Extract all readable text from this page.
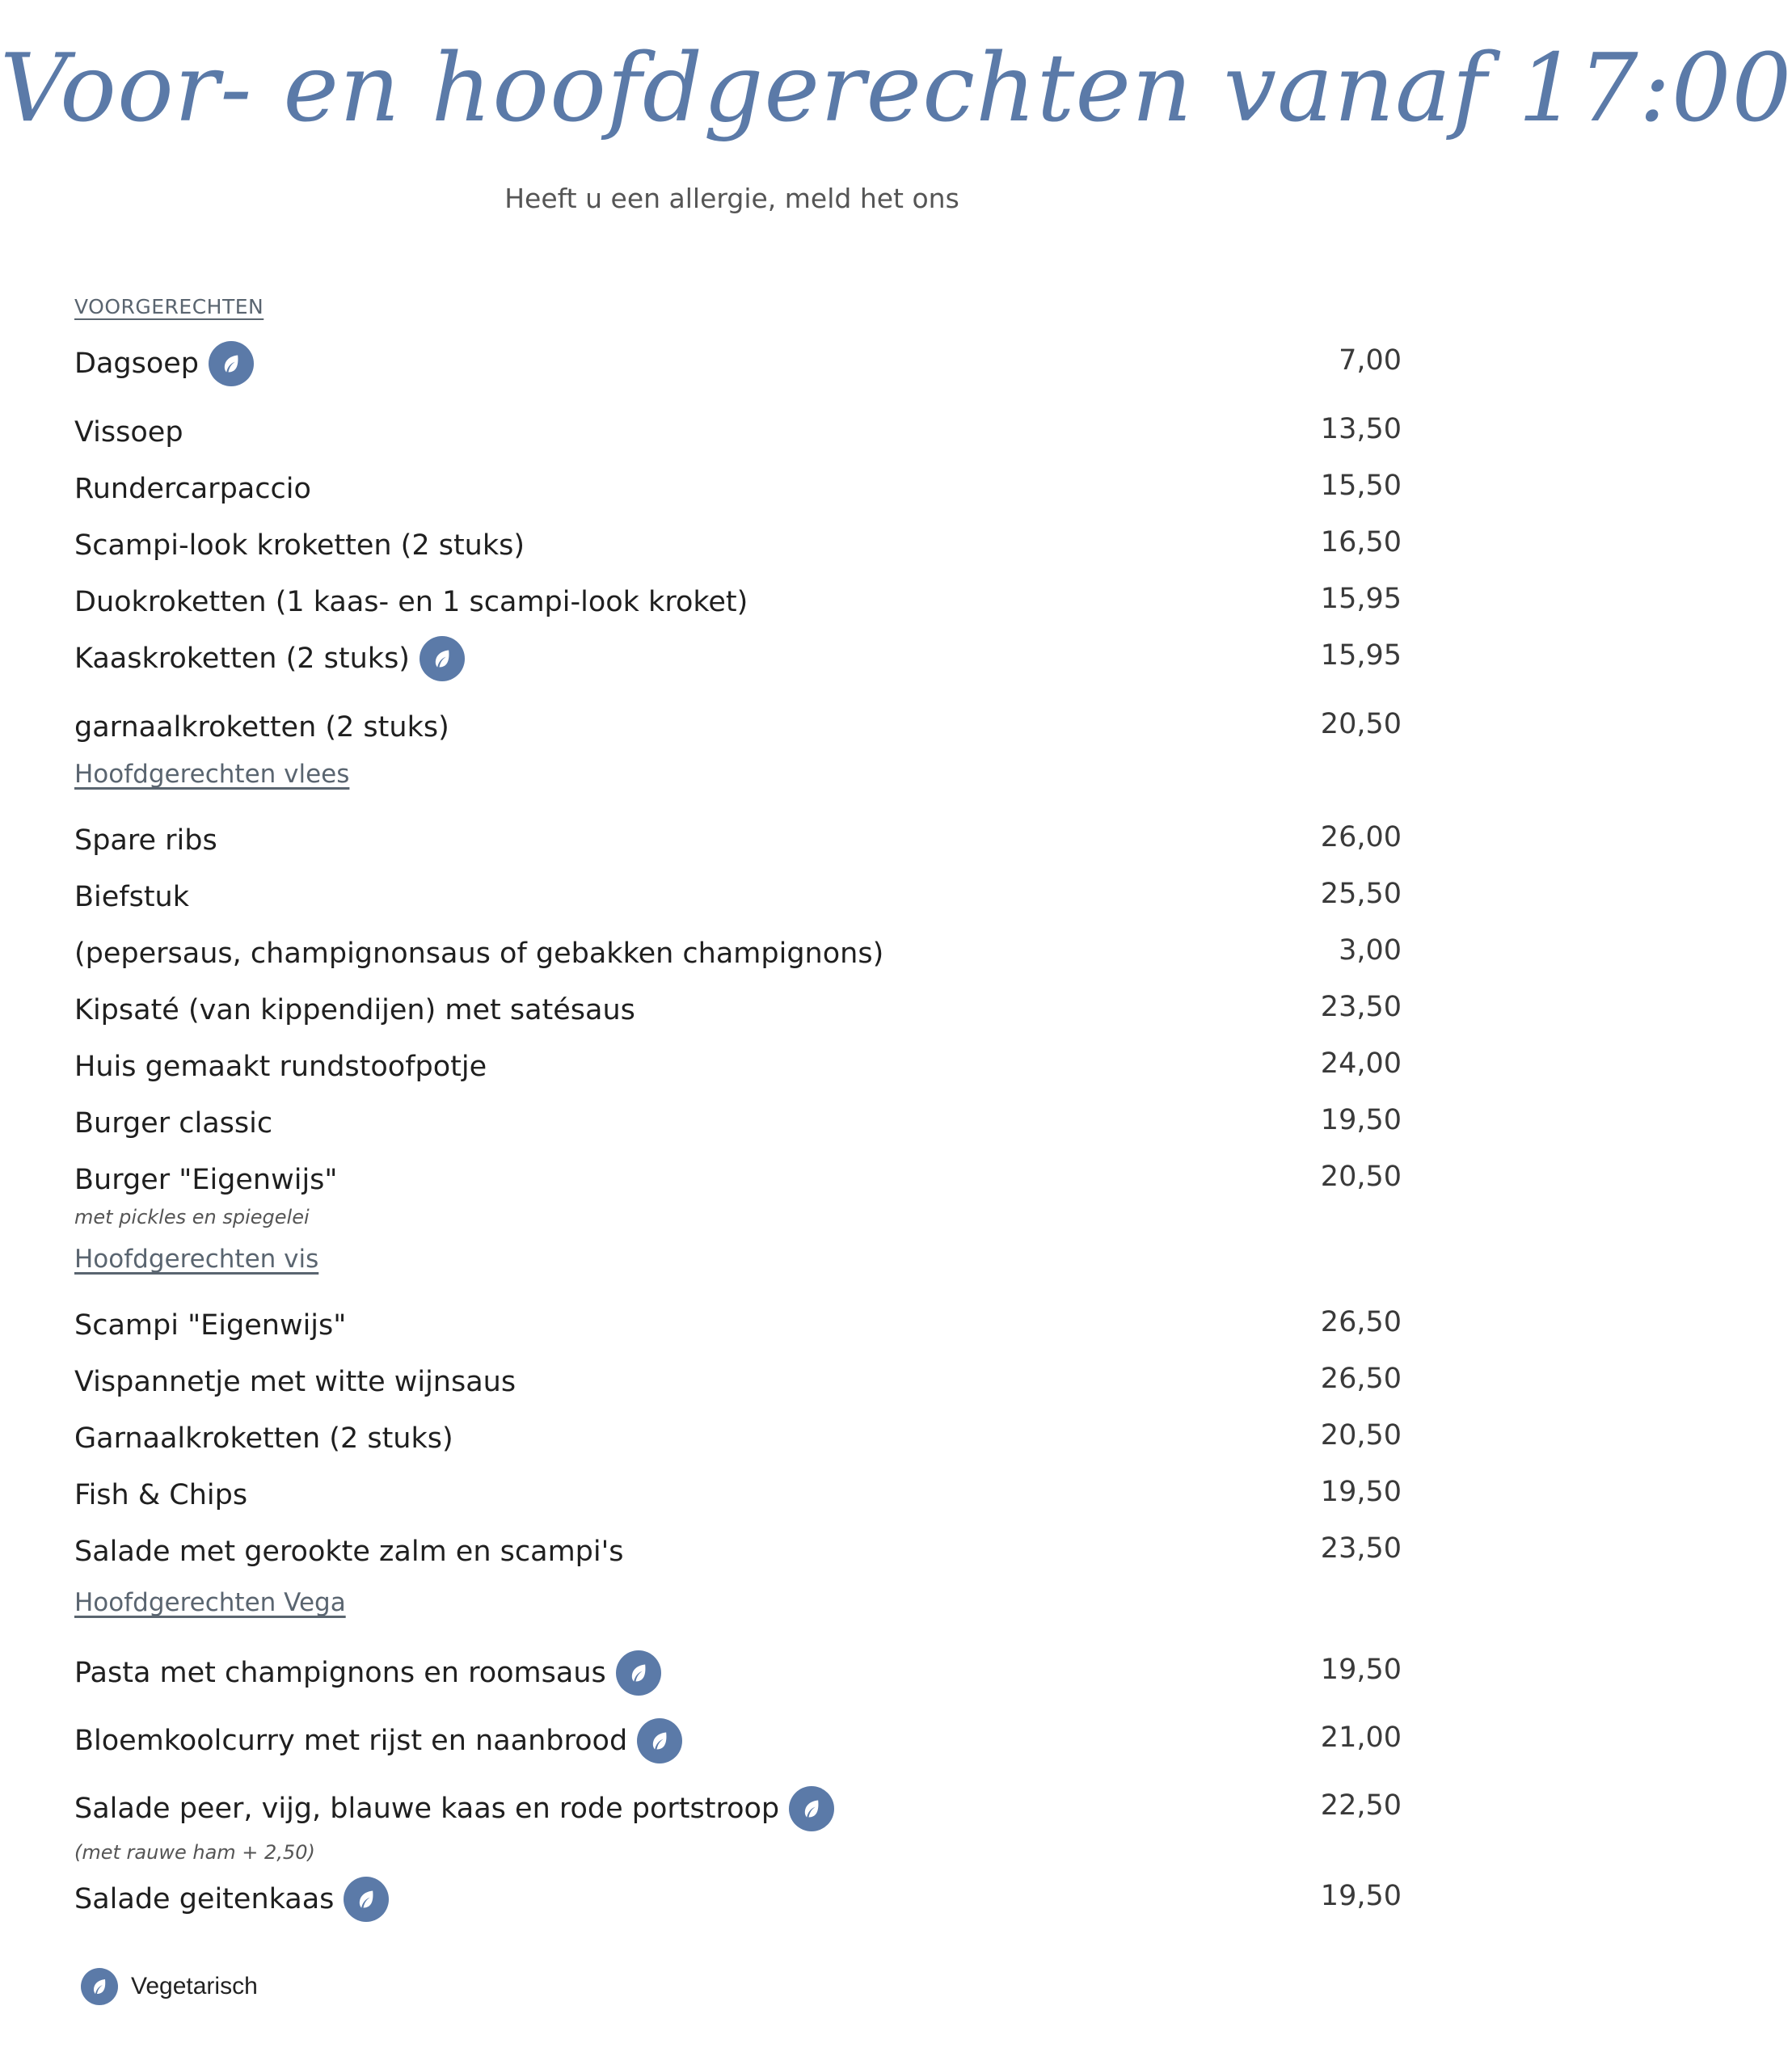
Voor- en hoofdgerechten vanaf 17:00
Heeft u een allergie, meld het ons
VOORGERECHTEN
Dagsoep	7,00
Vissoep	13,50
Rundercarpaccio	15,50
Scampi-look kroketten (2 stuks)	16,50
Duokroketten (1 kaas- en 1 scampi-look kroket)	15,95
Kaaskroketten (2 stuks)	15,95
garnaalkroketten (2 stuks)	20,50
Hoofdgerechten vlees
Spare ribs	26,00
Biefstuk	25,50
(pepersaus, champignonsaus of gebakken champignons)	3,00
Kipsaté (van kippendijen) met satésaus	23,50
Huis gemaakt rundstoofpotje	24,00
Burger classic	19,50
Burger "Eigenwijs"	20,50
met pickles en spiegelei
Hoofdgerechten vis
Scampi "Eigenwijs"	26,50
Vispannetje met witte wijnsaus	26,50
Garnaalkroketten (2 stuks)	20,50
Fish & Chips	19,50
Salade met gerookte zalm en scampi's	23,50
Hoofdgerechten Vega
Pasta met champignons en roomsaus	19,50
Bloemkoolcurry met rijst en naanbrood	21,00
Salade peer, vijg, blauwe kaas en rode portstroop	22,50
(met rauwe ham + 2,50)
Salade geitenkaas	19,50
Vegetarisch
